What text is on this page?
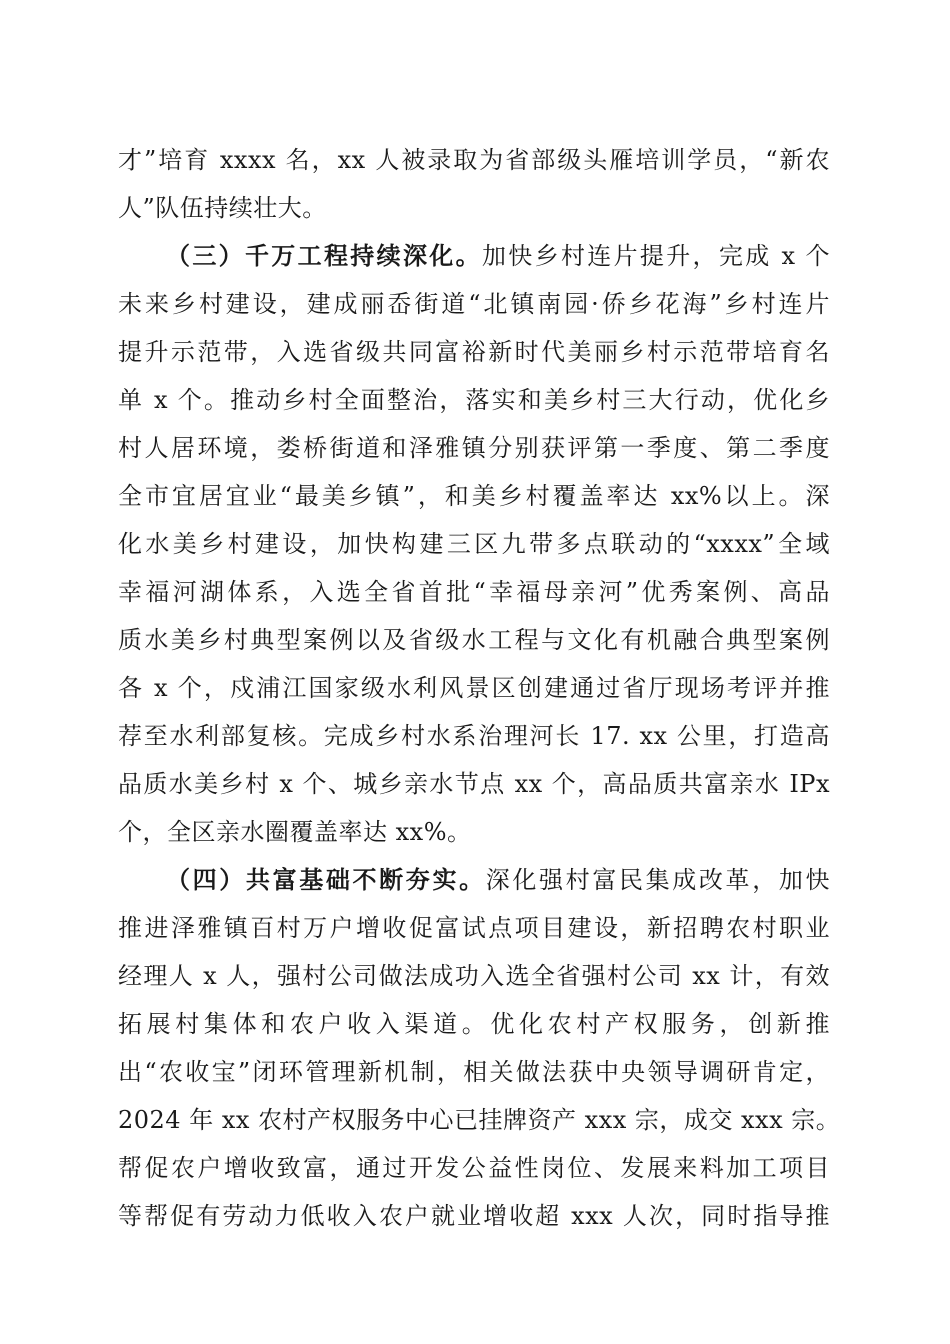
才”培育 xxxx 名，xx 人被录取为省部级头雁培训学员，“新农
人”队伍持续壮大。
（三）千万工程持续深化。加快乡村连片提升，完成 x 个
未来乡村建设，建成丽岙街道“北镇南园·侨乡花海”乡村连片
提升示范带，入选省级共同富裕新时代美丽乡村示范带培育名
单 x 个。推动乡村全面整治，落实和美乡村三大行动，优化乡
村人居环境，娄桥街道和泽雅镇分别获评第一季度、第二季度
全市宜居宜业“最美乡镇”，和美乡村覆盖率达 xx%以上。深
化水美乡村建设，加快构建三区九带多点联动的“xxxx”全域
幸福河湖体系，入选全省首批“幸福母亲河”优秀案例、高品
质水美乡村典型案例以及省级水工程与文化有机融合典型案例
各 x 个，戍浦江国家级水利风景区创建通过省厅现场考评并推
荐至水利部复核。完成乡村水系治理河长 17. xx 公里，打造高
品质水美乡村 x 个、城乡亲水节点 xx 个，高品质共富亲水 IPx
个，全区亲水圈覆盖率达 xx%。
（四）共富基础不断夯实。深化强村富民集成改革，加快
推进泽雅镇百村万户增收促富试点项目建设，新招聘农村职业
经理人 x 人，强村公司做法成功入选全省强村公司 xx 计，有效
拓展村集体和农户收入渠道。优化农村产权服务，创新推
出“农收宝”闭环管理新机制，相关做法获中央领导调研肯定，
2024 年 xx 农村产权服务中心已挂牌资产 xxx 宗，成交 xxx 宗。
帮促农户增收致富，通过开发公益性岗位、发展来料加工项目
等帮促有劳动力低收入农户就业增收超 xxx 人次，同时指导推
